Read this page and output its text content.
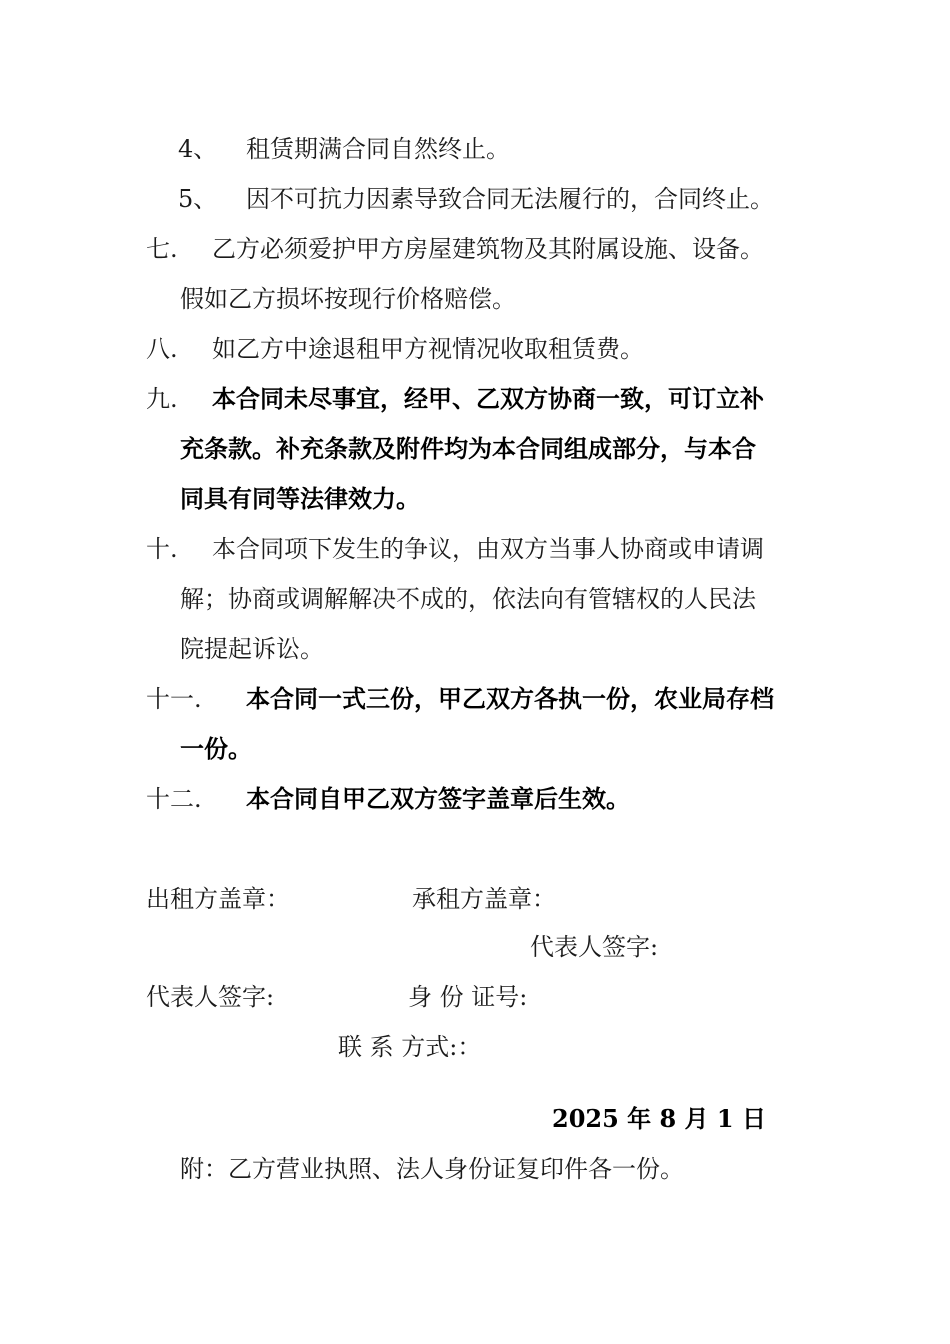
4、 租赁期满合同自然终止。
5、 因不可抗力因素导致合同无法履行的，合同终止。
七. 乙方必须爱护甲方房屋建筑物及其附属设施、设备。
假如乙方损坏按现行价格赔偿。
八. 如乙方中途退租甲方视情况收取租赁费。
九. 本合同未尽事宜，经甲、乙双方协商一致，可订立补
充条款。补充条款及附件均为本合同组成部分，与本合
同具有同等法律效力。
十. 本合同项下发生的争议，由双方当事人协商或申请调
解；协商或调解解决不成的，依法向有管辖权的人民法
院提起诉讼。
十一. 本合同一式三份，甲乙双方各执一份，农业局存档
一份。
十二. 本合同自甲乙双方签字盖章后生效。
出租方盖章：	承租方盖章：
代表人签字:
代表人签字:	身 份 证号:
联 系 方式:：
2025 年 8 月 1 日
附：乙方营业执照、法人身份证复印件各一份。
